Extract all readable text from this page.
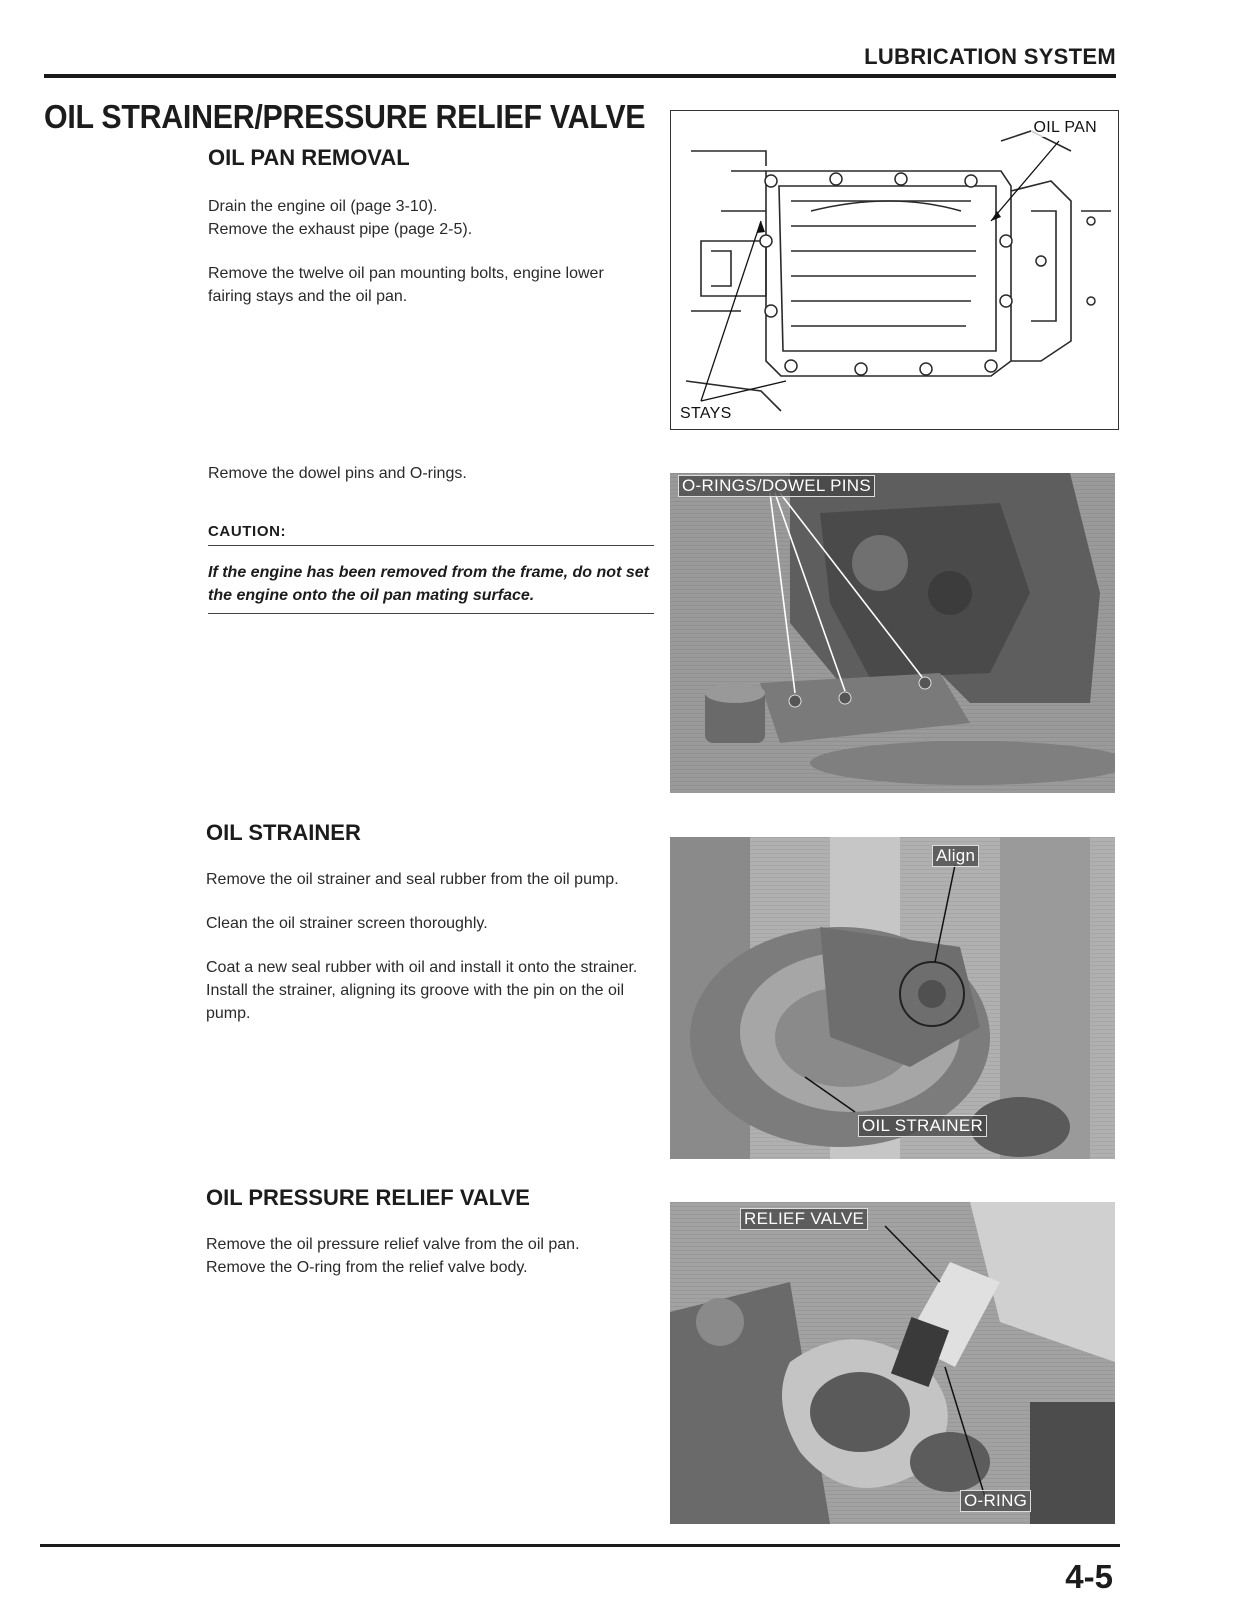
LUBRICATION SYSTEM
OIL STRAINER/PRESSURE RELIEF VALVE
OIL PAN REMOVAL

Drain the engine oil (page 3-10).
Remove the exhaust pipe (page 2-5).

Remove the twelve oil pan mounting bolts, engine lower fairing stays and the oil pan.

Remove the dowel pins and O-rings.
CAUTION:
If the engine has been removed from the frame, do not set the engine onto the oil pan mating surface.
OIL STRAINER

Remove the oil strainer and seal rubber from the oil pump.

Clean the oil strainer screen thoroughly.

Coat a new seal rubber with oil and install it onto the strainer.
Install the strainer, aligning its groove with the pin on the oil pump.

OIL PRESSURE RELIEF VALVE

Remove the oil pressure relief valve from the oil pan.
Remove the O-ring from the relief valve body.

OIL PAN
STAYS
O-RINGS/DOWEL PINS
Align
OIL STRAINER
RELIEF VALVE
O-RING
4-5
